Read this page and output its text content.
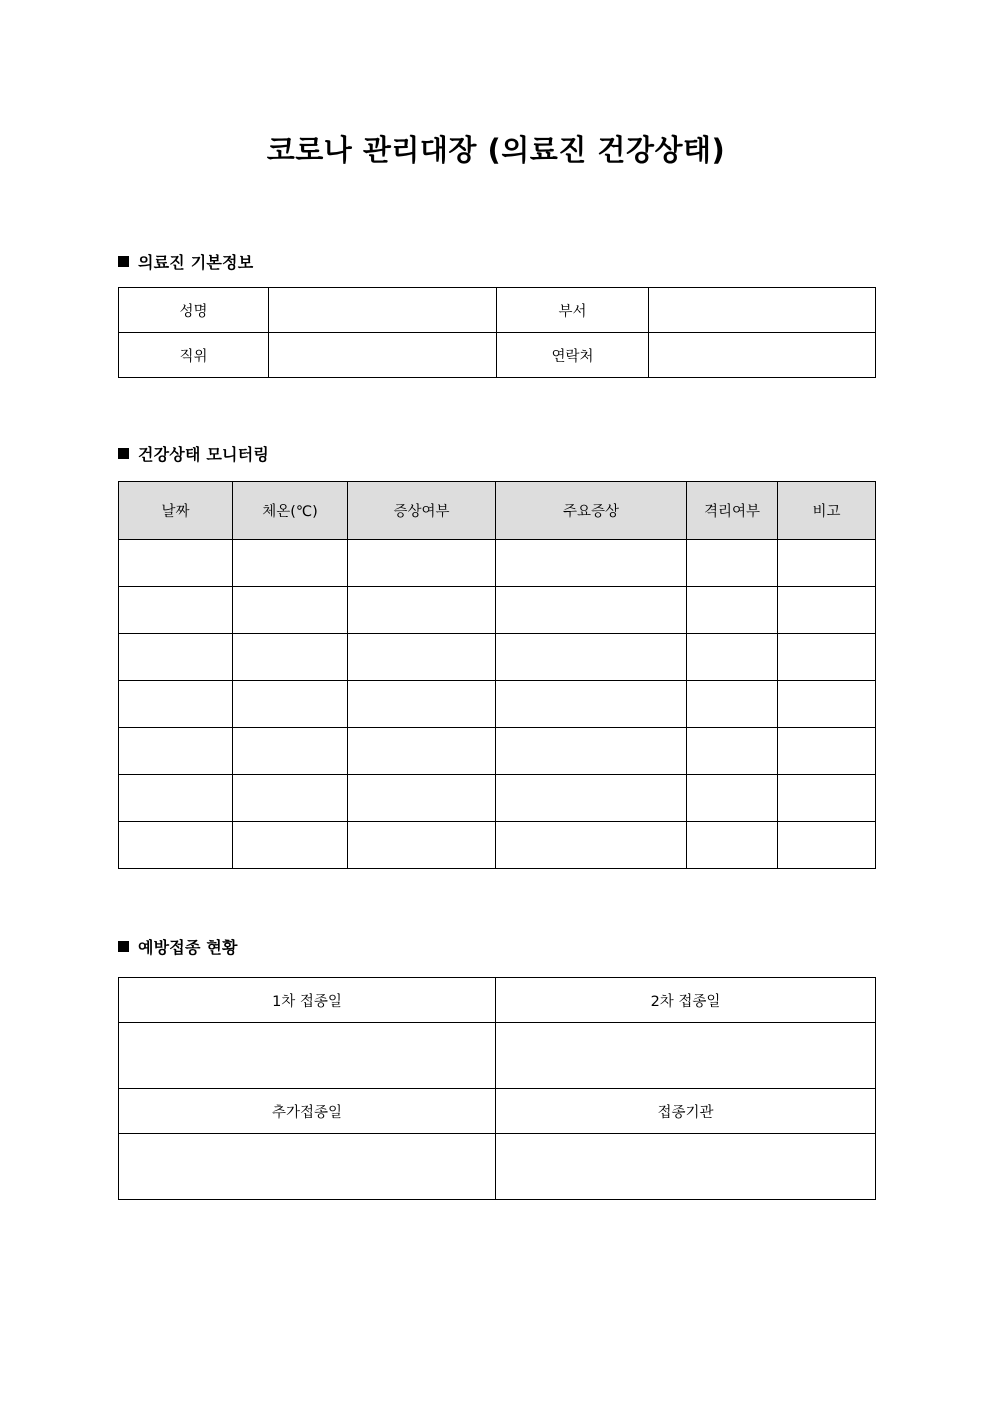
코로나 관리대장 (의료진 건강상태)
의료진 기본정보
성명		부서	
직위		연락처	
건강상태 모니터링
날짜	체온(℃)	증상여부	주요증상	격리여부	비고

예방접종 현황
1차 접종일	2차 접종일

추가접종일	접종기관
